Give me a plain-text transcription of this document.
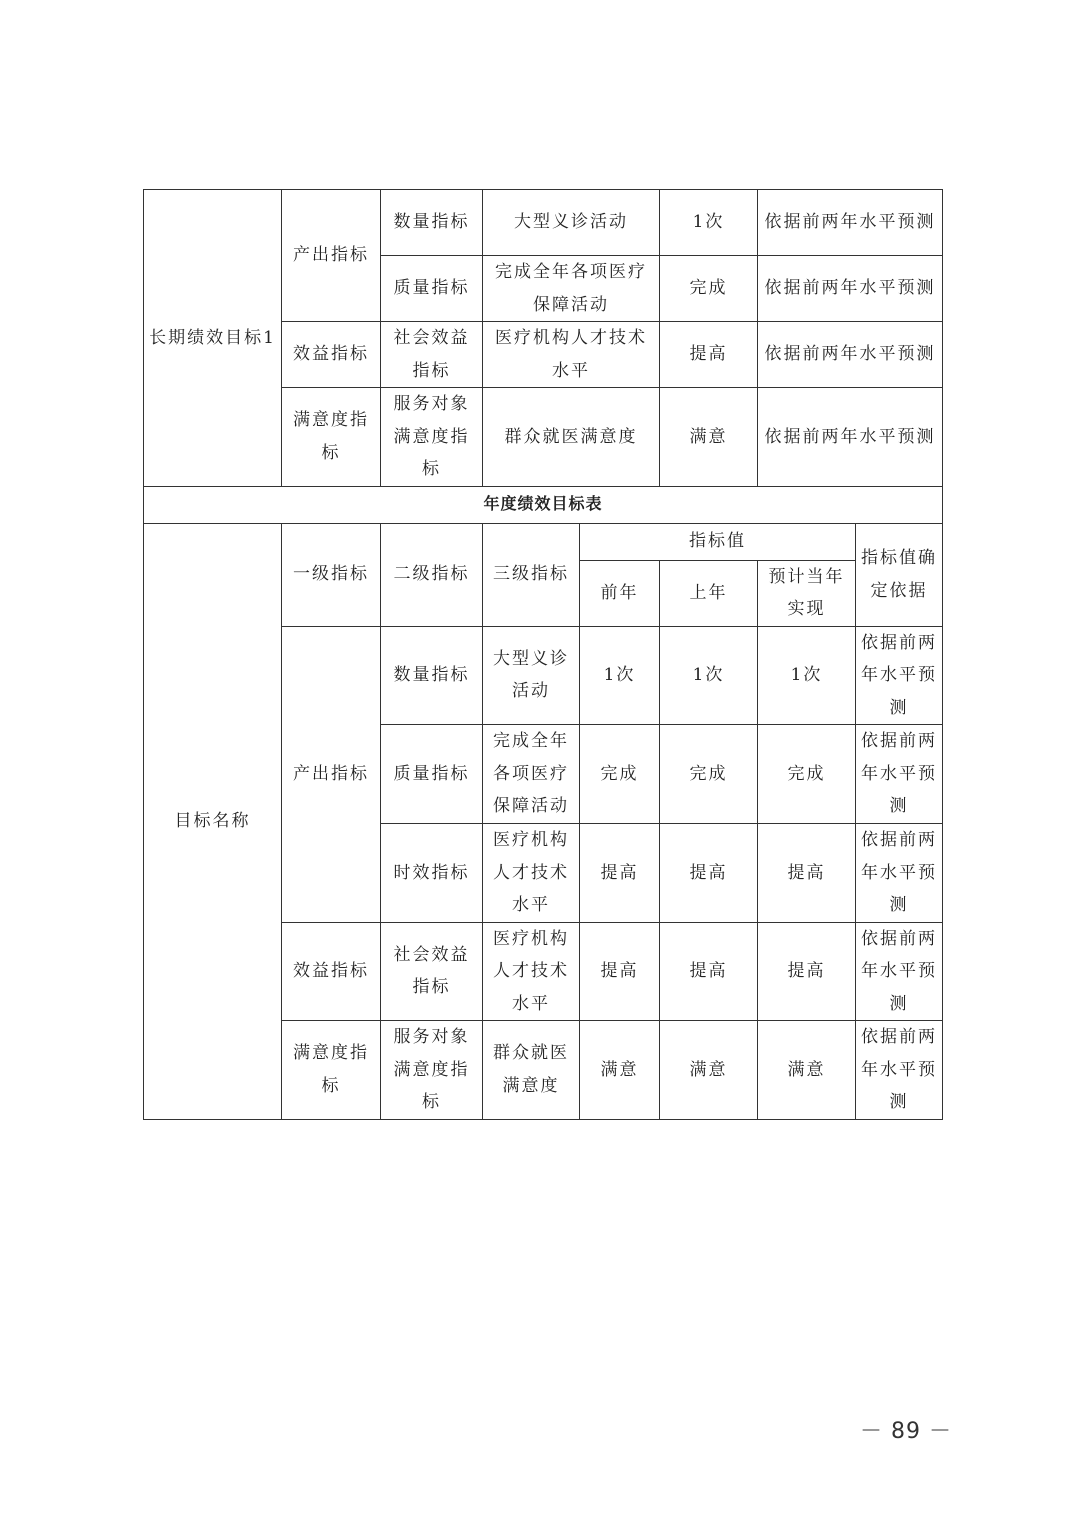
长期绩效目标1	产出指标	数量指标	大型义诊活动		1次	依据前两年水平预测	
		质量指标	完成全年各项医疗保障活动		完成	依据前两年水平预测	
	效益指标	社会效益指标	医疗机构人才技术水平		提高	依据前两年水平预测	
	满意度指标	服务对象满意度指标	群众就医满意度		满意	依据前两年水平预测	
年度绩效目标表							
目标名称	一级指标	二级指标	三级指标	指标值			指标值确定依据
				前年	上年	预计当年实现	
	产出指标	数量指标	大型义诊活动	1次	1次	1次	依据前两年水平预测
		质量指标	完成全年各项医疗保障活动	完成	完成	完成	依据前两年水平预测
		时效指标	医疗机构人才技术水平	提高	提高	提高	依据前两年水平预测
	效益指标	社会效益指标	医疗机构人才技术水平	提高	提高	提高	依据前两年水平预测
	满意度指标	服务对象满意度指标	群众就医满意度	满意	满意	满意	依据前两年水平预测
－ 89 －
